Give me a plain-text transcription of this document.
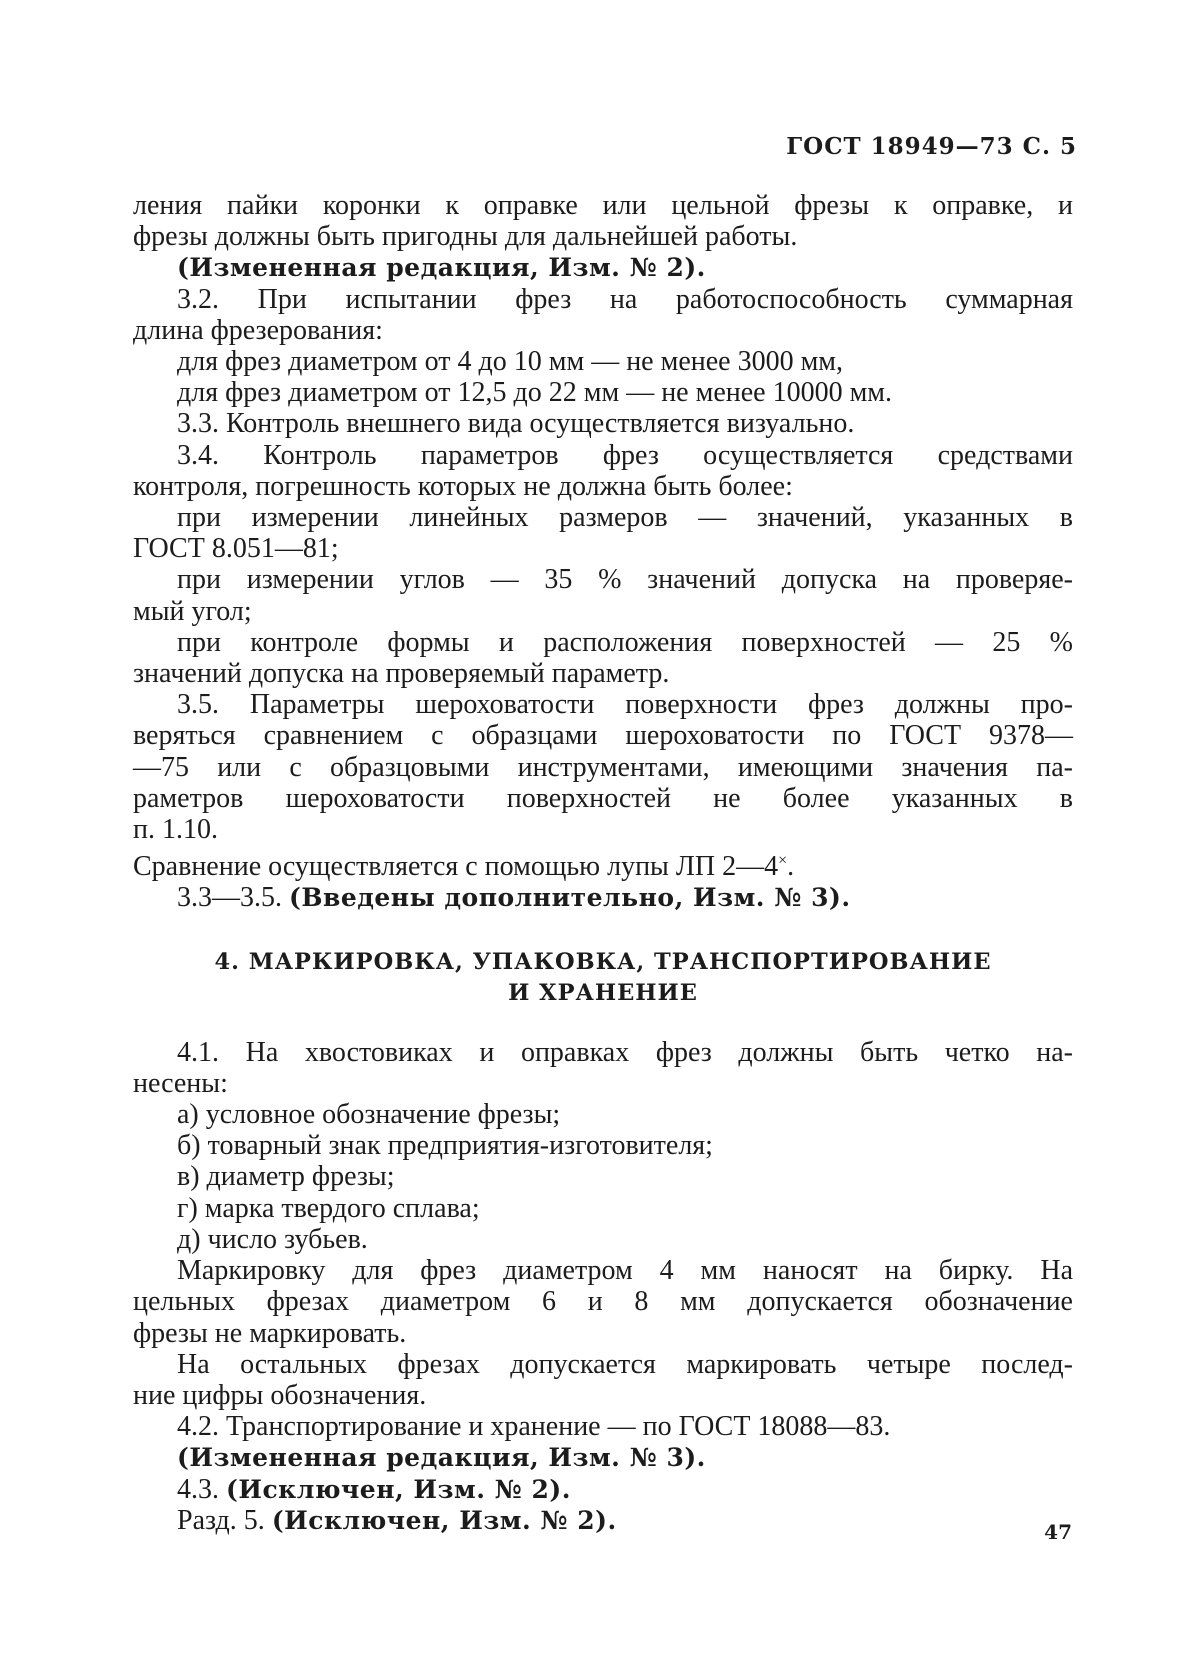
ГОСТ 18949—73 С. 5

ления пайки коронки к оправке или цельной фрезы к оправке, и

фрезы должны быть пригодны для дальнейшей работы.

(Измененная редакция, Изм. № 2).

3.2. При испытании фрез на работоспособность суммарная

длина фрезерования:

для фрез диаметром от 4 до 10 мм — не менее 3000 мм,

для фрез диаметром от 12,5 до 22 мм — не менее 10000 мм.

3.3. Контроль внешнего вида осуществляется визуально.

3.4. Контроль параметров фрез осуществляется средствами

контроля, погрешность которых не должна быть более:

при измерении линейных размеров — значений, указанных в

ГОСТ 8.051—81;

при измерении углов — 35 % значений допуска на проверяе-

мый угол;

при контроле формы и расположения поверхностей — 25 %

значений допуска на проверяемый параметр.

3.5. Параметры шероховатости поверхности фрез должны про-

веряться сравнением с образцами шероховатости по ГОСТ 9378—

—75 или с образцовыми инструментами, имеющими значения па-

раметров шероховатости поверхностей не более указанных в

п. 1.10.

Сравнение осуществляется с помощью лупы ЛП 2—4×.

3.3—3.5. (Введены дополнительно, Изм. № 3).

4. МАРКИРОВКА, УПАКОВКА, ТРАНСПОРТИРОВАНИЕ

И ХРАНЕНИЕ

4.1. На хвостовиках и оправках фрез должны быть четко на-

несены:

а) условное обозначение фрезы;

б) товарный знак предприятия-изготовителя;

в) диаметр фрезы;

г) марка твердого сплава;

д) число зубьев.

Маркировку для фрез диаметром 4 мм наносят на бирку. На

цельных фрезах диаметром 6 и 8 мм допускается обозначение

фрезы не маркировать.

На остальных фрезах допускается маркировать четыре послед-

ние цифры обозначения.

4.2. Транспортирование и хранение — по ГОСТ 18088—83.

(Измененная редакция, Изм. № 3).

4.3. (Исключен, Изм. № 2).

Разд. 5. (Исключен, Изм. № 2).	47
